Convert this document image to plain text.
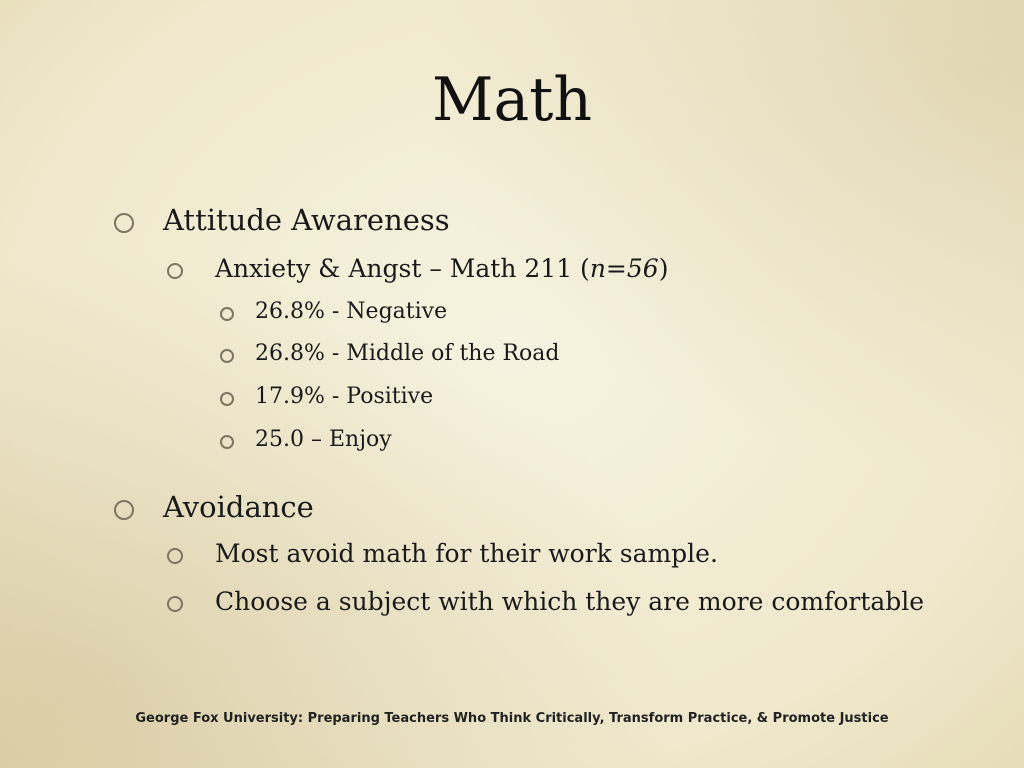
Math
Attitude Awareness
Anxiety & Angst – Math 211 (n=56)
26.8% - Negative
26.8% - Middle of the Road
17.9% - Positive
25.0 – Enjoy
Avoidance
Most avoid math for their work sample.
Choose a subject with which they are more comfortable
George Fox University: Preparing Teachers Who Think Critically, Transform Practice, & Promote Justice
